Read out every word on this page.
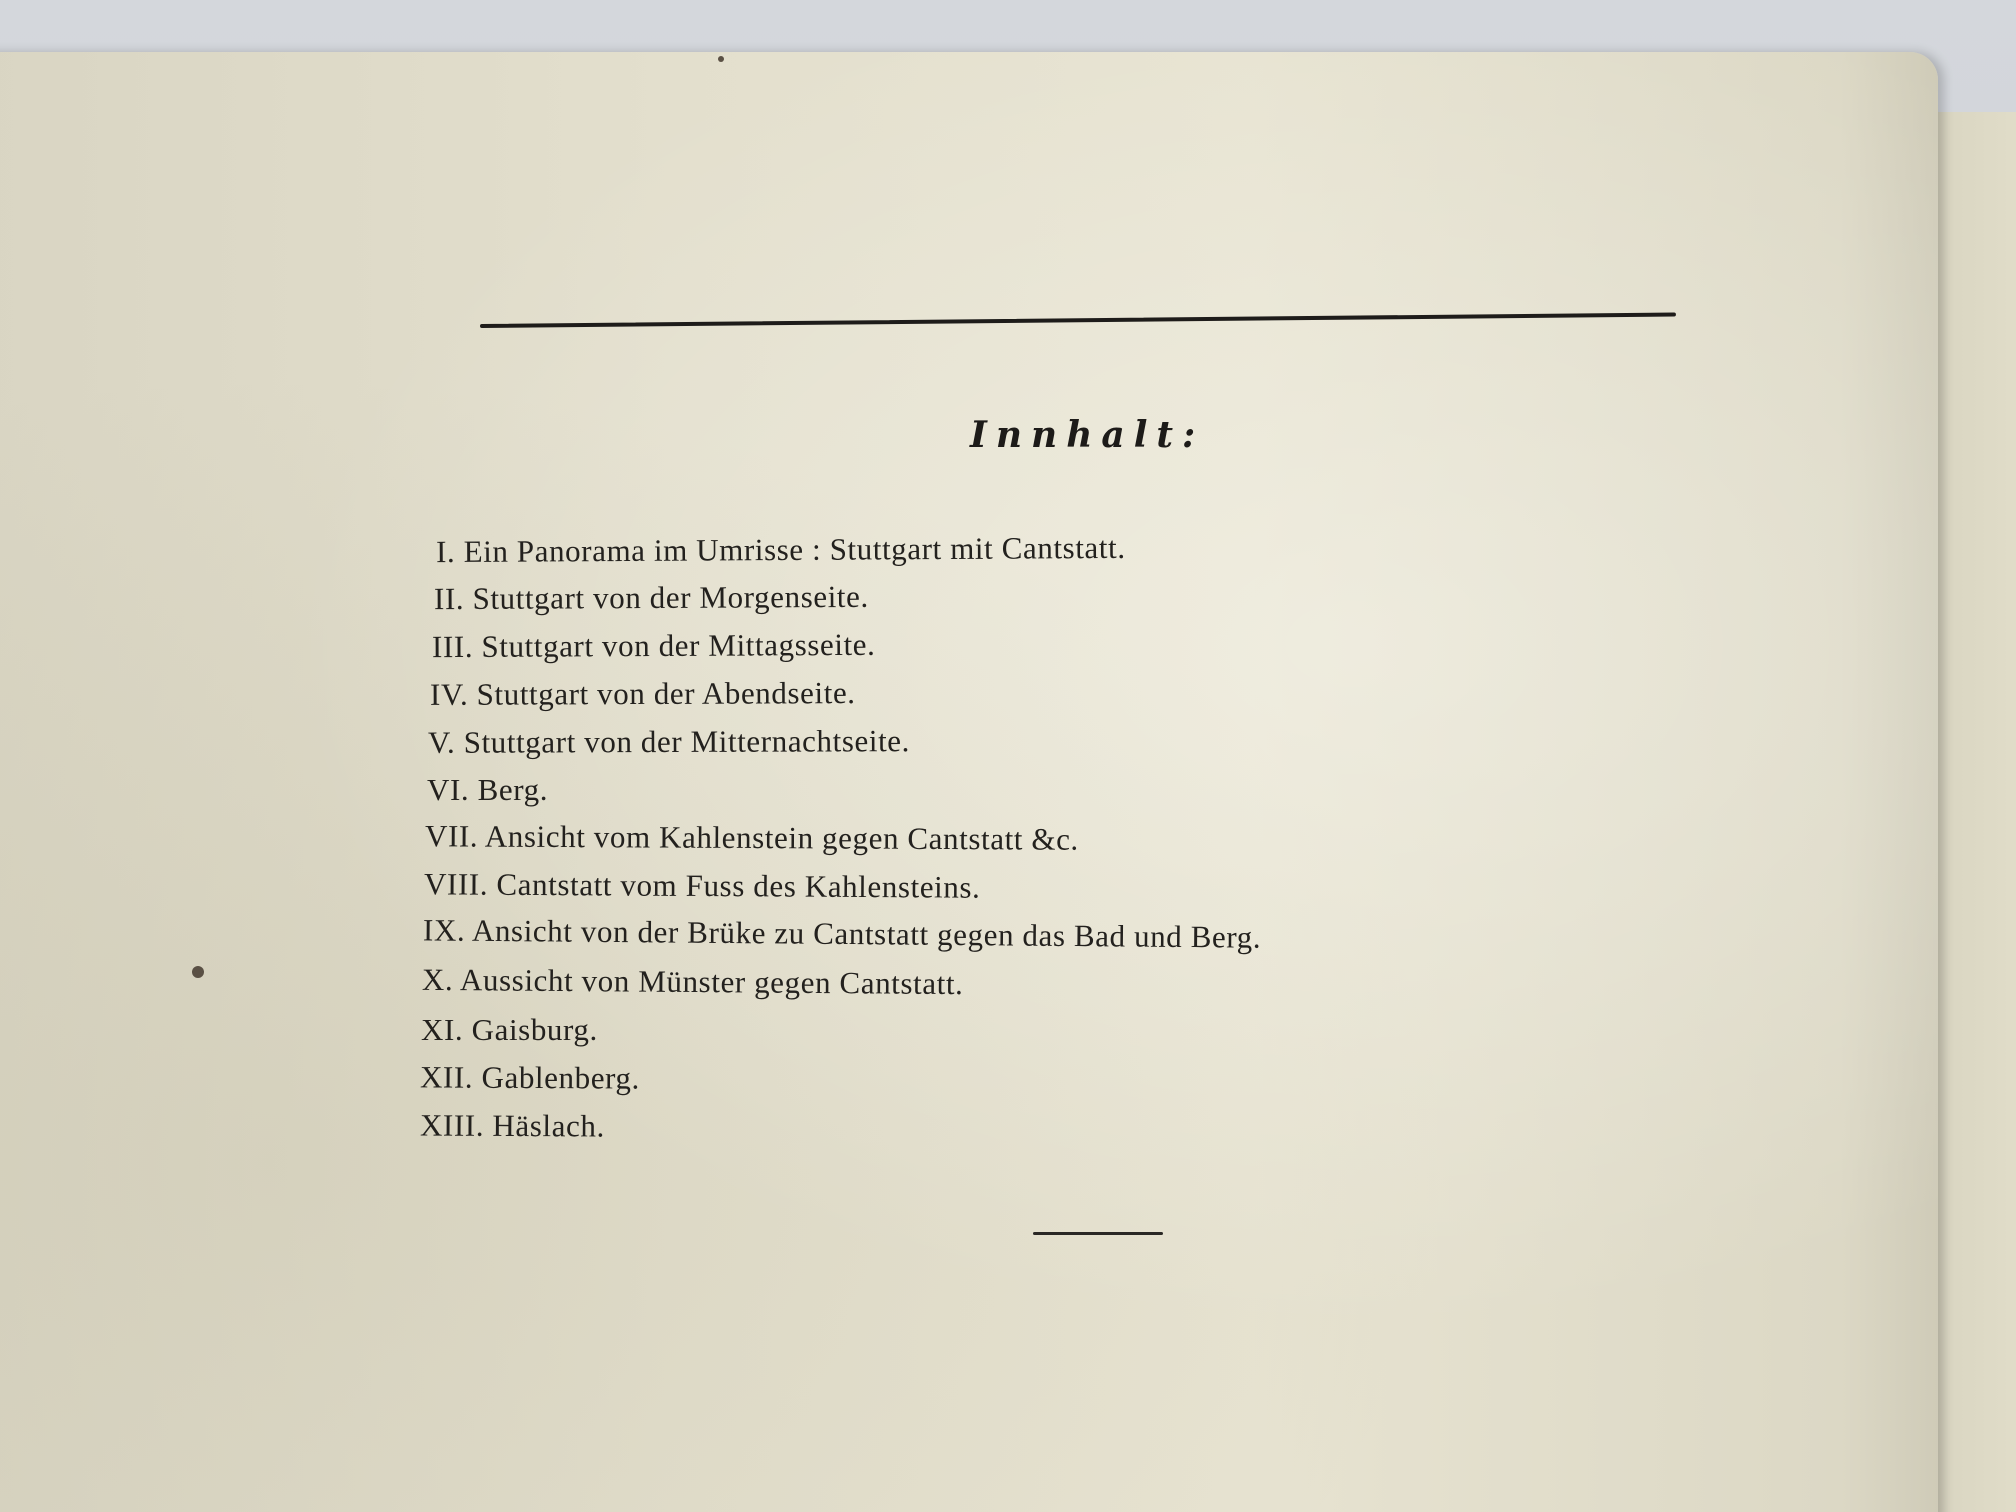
Innhalt:
I. Ein Panorama im Umrisse : Stuttgart mit Cantstatt.
II. Stuttgart von der Morgenseite.
III. Stuttgart von der Mittagsseite.
IV. Stuttgart von der Abendseite.
V. Stuttgart von der Mitternachtseite.
VI. Berg.
VII. Ansicht vom Kahlenstein gegen Cantstatt &c.
VIII. Cantstatt vom Fuss des Kahlensteins.
IX. Ansicht von der Brüke zu Cantstatt gegen das Bad und Berg.
X. Aussicht von Münster gegen Cantstatt.
XI. Gaisburg.
XII. Gablenberg.
XIII. Häslach.
